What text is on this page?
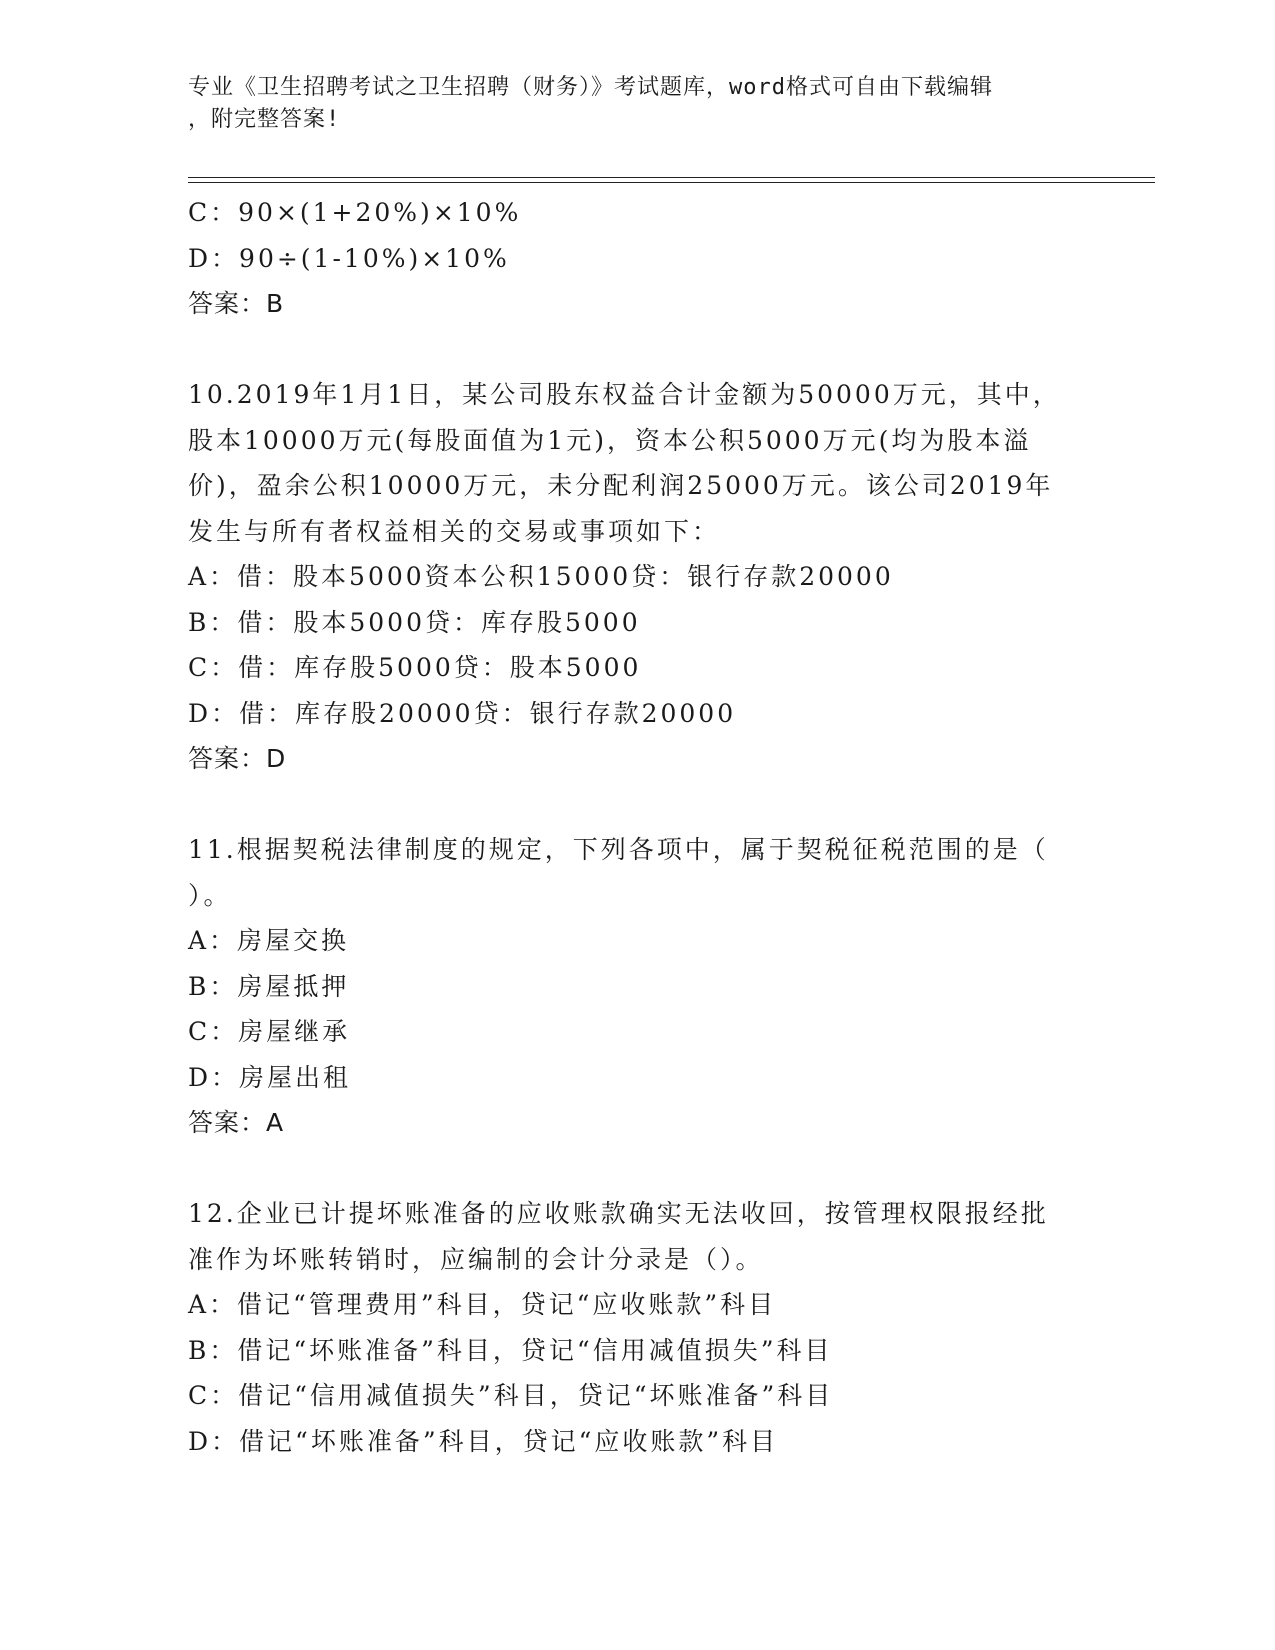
专业《卫生招聘考试之卫生招聘（财务）》考试题库，word格式可自由下载编辑
，附完整答案!
C：90×(1+20%)×10%
D：90÷(1-10%)×10%
答案：B
10.2019年1月1日，某公司股东权益合计金额为50000万元，其中，
股本10000万元(每股面值为1元)，资本公积5000万元(均为股本溢
价)，盈余公积10000万元，未分配利润25000万元。该公司2019年
发生与所有者权益相关的交易或事项如下：
A：借：股本5000资本公积15000贷：银行存款20000
B：借：股本5000贷：库存股5000
C：借：库存股5000贷：股本5000
D：借：库存股20000贷：银行存款20000
答案：D
11.根据契税法律制度的规定，下列各项中，属于契税征税范围的是（
）。
A：房屋交换
B：房屋抵押
C：房屋继承
D：房屋出租
答案：A
12.企业已计提坏账准备的应收账款确实无法收回，按管理权限报经批
准作为坏账转销时，应编制的会计分录是（）。
A：借记“管理费用”科目，贷记“应收账款”科目
B：借记“坏账准备”科目，贷记“信用减值损失”科目
C：借记“信用减值损失”科目，贷记“坏账准备”科目
D：借记“坏账准备”科目，贷记“应收账款”科目
